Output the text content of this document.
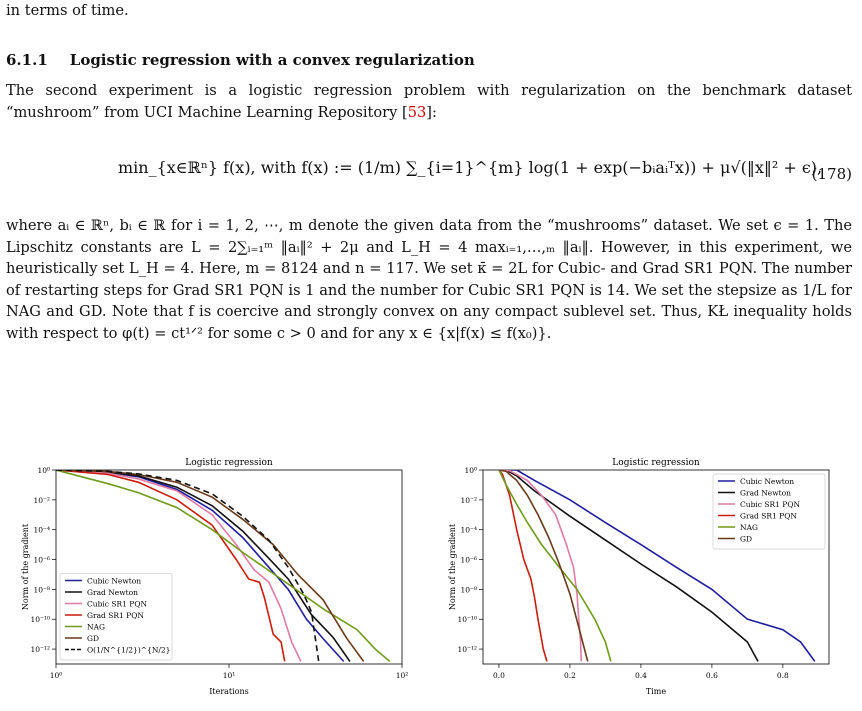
in terms of time.
6.1.1 Logistic regression with a convex regularization
The second experiment is a logistic regression problem with regularization on the benchmark dataset “mushroom” from UCI Machine Learning Repository [53]:
min_{x∈ℝⁿ} f(x), with f(x) := (1/m) ∑_{i=1}^{m} log(1 + exp(−bᵢaᵢᵀx)) + μ√(‖x‖² + ϵ),
(178)
where aᵢ ∈ ℝⁿ, bᵢ ∈ ℝ for i = 1, 2, ⋯, m denote the given data from the “mushrooms” dataset. We set ϵ = 1. The Lipschitz constants are L = 2∑ᵢ₌₁ᵐ ‖aᵢ‖² + 2μ and L_H = 4 maxᵢ₌₁,…,ₘ ‖aᵢ‖. However, in this experiment, we heuristically set L_H = 4. Here, m = 8124 and n = 117. We set κ̄ = 2L for Cubic- and Grad SR1 PQN. The number of restarting steps for Grad SR1 PQN is 1 and the number for Cubic SR1 PQN is 14. We set the stepsize as 1/L for NAG and GD. Note that f is coercive and strongly convex on any compact sublevel set. Thus, KŁ inequality holds with respect to φ(t) = ct¹ᐟ² for some c > 0 and for any x ∈ {x|f(x) ≤ f(x₀)}.
Logistic regression
Iterations
Norm of the gradient
10⁰	10¹	10²
10⁰
10⁻²
10⁻⁴
10⁻⁶
10⁻⁸
10⁻¹⁰
10⁻¹²
Cubic Newton
Grad Newton
Cubic SR1 PQN
Grad SR1 PQN
NAG
GD
O(1/N^{1/2})^{N/2}
Logistic regression
Time
Norm of the gradient
0.0	0.2	0.4	0.6	0.8
10⁰
10⁻²
10⁻⁴
10⁻⁶
10⁻⁸
10⁻¹⁰
10⁻¹²
Cubic Newton
Grad Newton
Cubic SR1 PQN
Grad SR1 PQN
NAG
GD
